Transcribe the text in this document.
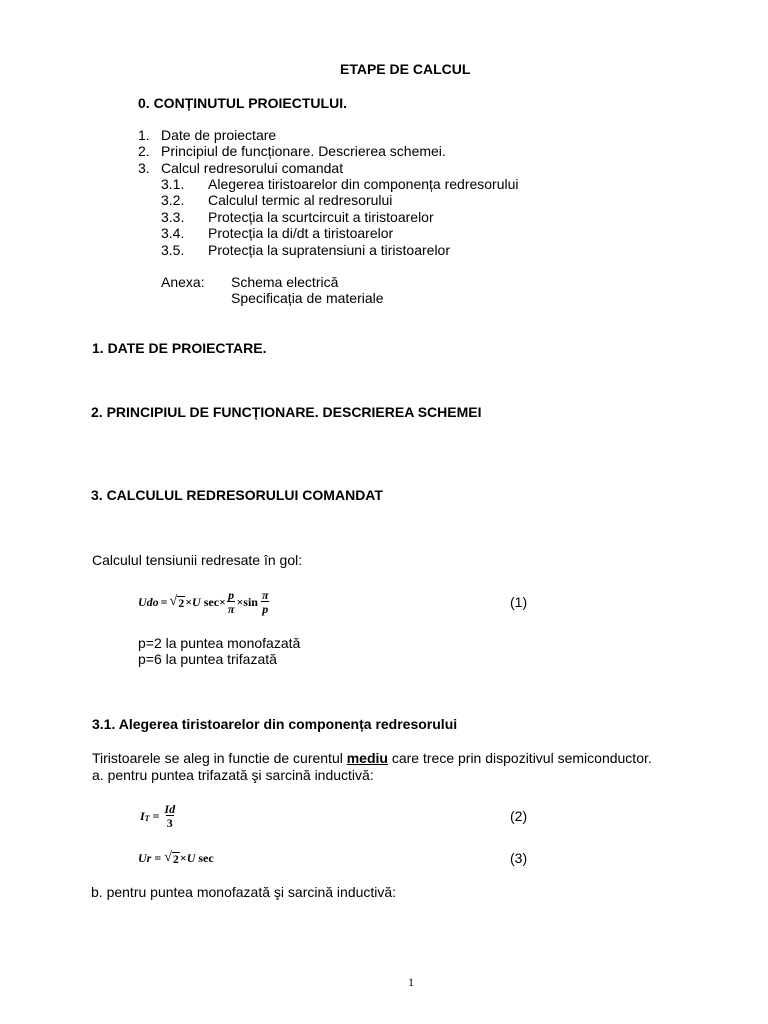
ETAPE DE CALCUL
0. CONȚINUTUL PROIECTULUI.
1. Date de proiectare
2. Principiul de funcționare. Descrierea schemei.
3. Calcul redresorului comandat
3.1. Alegerea tiristoarelor din componența redresorului
3.2. Calculul termic al redresorului
3.3. Protecția la scurtcircuit a tiristoarelor
3.4. Protecția la di/dt a tiristoarelor
3.5. Protecția la supratensiuni a tiristoarelor
Anexa: Schema electrică
Specificația de materiale
1. DATE DE PROIECTARE.
2. PRINCIPIUL DE FUNCȚIONARE. DESCRIEREA SCHEMEI
3. CALCULUL REDRESORULUI COMANDAT
Calculul tensiunii redresate în gol:
Udo = √ 2 × U $\sec \times \frac{p}{\pi} \times \sin \frac{\pi}{p}$	(1)
p=2 la puntea monofazată
p=6 la puntea trifazată
3.1. Alegerea tiristoarelor din componența redresorului
Tiristoarele se aleg in functie de curentul mediu care trece prin dispozitivul semiconductor.
a. pentru puntea trifazată şi sarcină inductivă:
I $T = \frac{Id}{3}$	(2)
Ur = √ 2 × U sec	(3)
b. pentru puntea monofazată şi sarcină inductivă:
1
